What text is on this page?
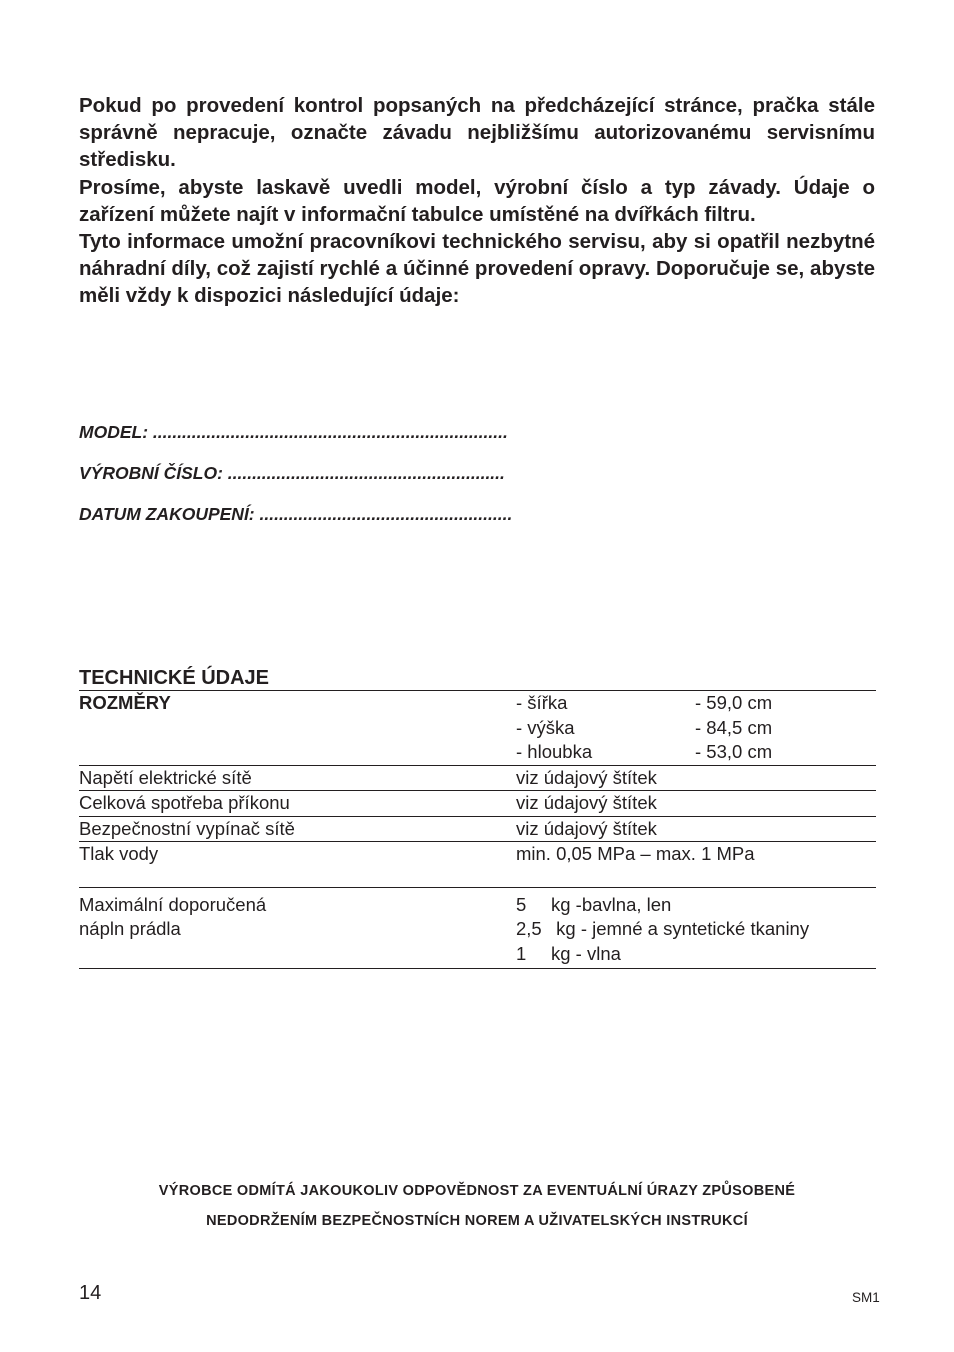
Pokud po provedení kontrol popsaných na předcházející stránce, pračka stále správně nepracuje, označte závadu nejbližšímu autorizovanému servisnímu středisku.

Prosíme, abyste laskavě uvedli model, výrobní číslo a typ závady. Údaje o zařízení můžete najít v informační tabulce umístěné na dvířkách filtru.

Tyto informace umožní pracovníkovi technického servisu, aby si opatřil nezbytné náhradní díly, což zajistí rychlé a účinné provedení opravy. Doporučuje se, abyste měli vždy k dispozici následující údaje:

MODEL: .........................................................................
VÝROBNÍ ČÍSLO: .........................................................
DATUM ZAKOUPENÍ: ....................................................
TECHNICKÉ ÚDAJE
ROZMĚRY	- šířka	- 59,0 cm
	- výška	- 84,5 cm
	- hloubka	- 53,0 cm
Napětí elektrické sítě	viz údajový štítek	
Celková spotřeba příkonu	viz údajový štítek	
Bezpečnostní vypínač sítě	viz údajový štítek	
Tlak vody	min. 0,05 MPa – max. 1 MPa	

Maximální doporučená
nápln prádla	5 kg -bavlna, len
2,5 kg - jemné a syntetické tkaniny
1 kg - vlna	

VÝROBCE ODMÍTÁ JAKOUKOLIV ODPOVĚDNOST ZA EVENTUÁLNÍ ÚRAZY ZPŮSOBENÉ

NEDODRŽENÍM BEZPEČNOSTNÍCH NOREM A UŽIVATELSKÝCH INSTRUKCÍ

14	SM1
